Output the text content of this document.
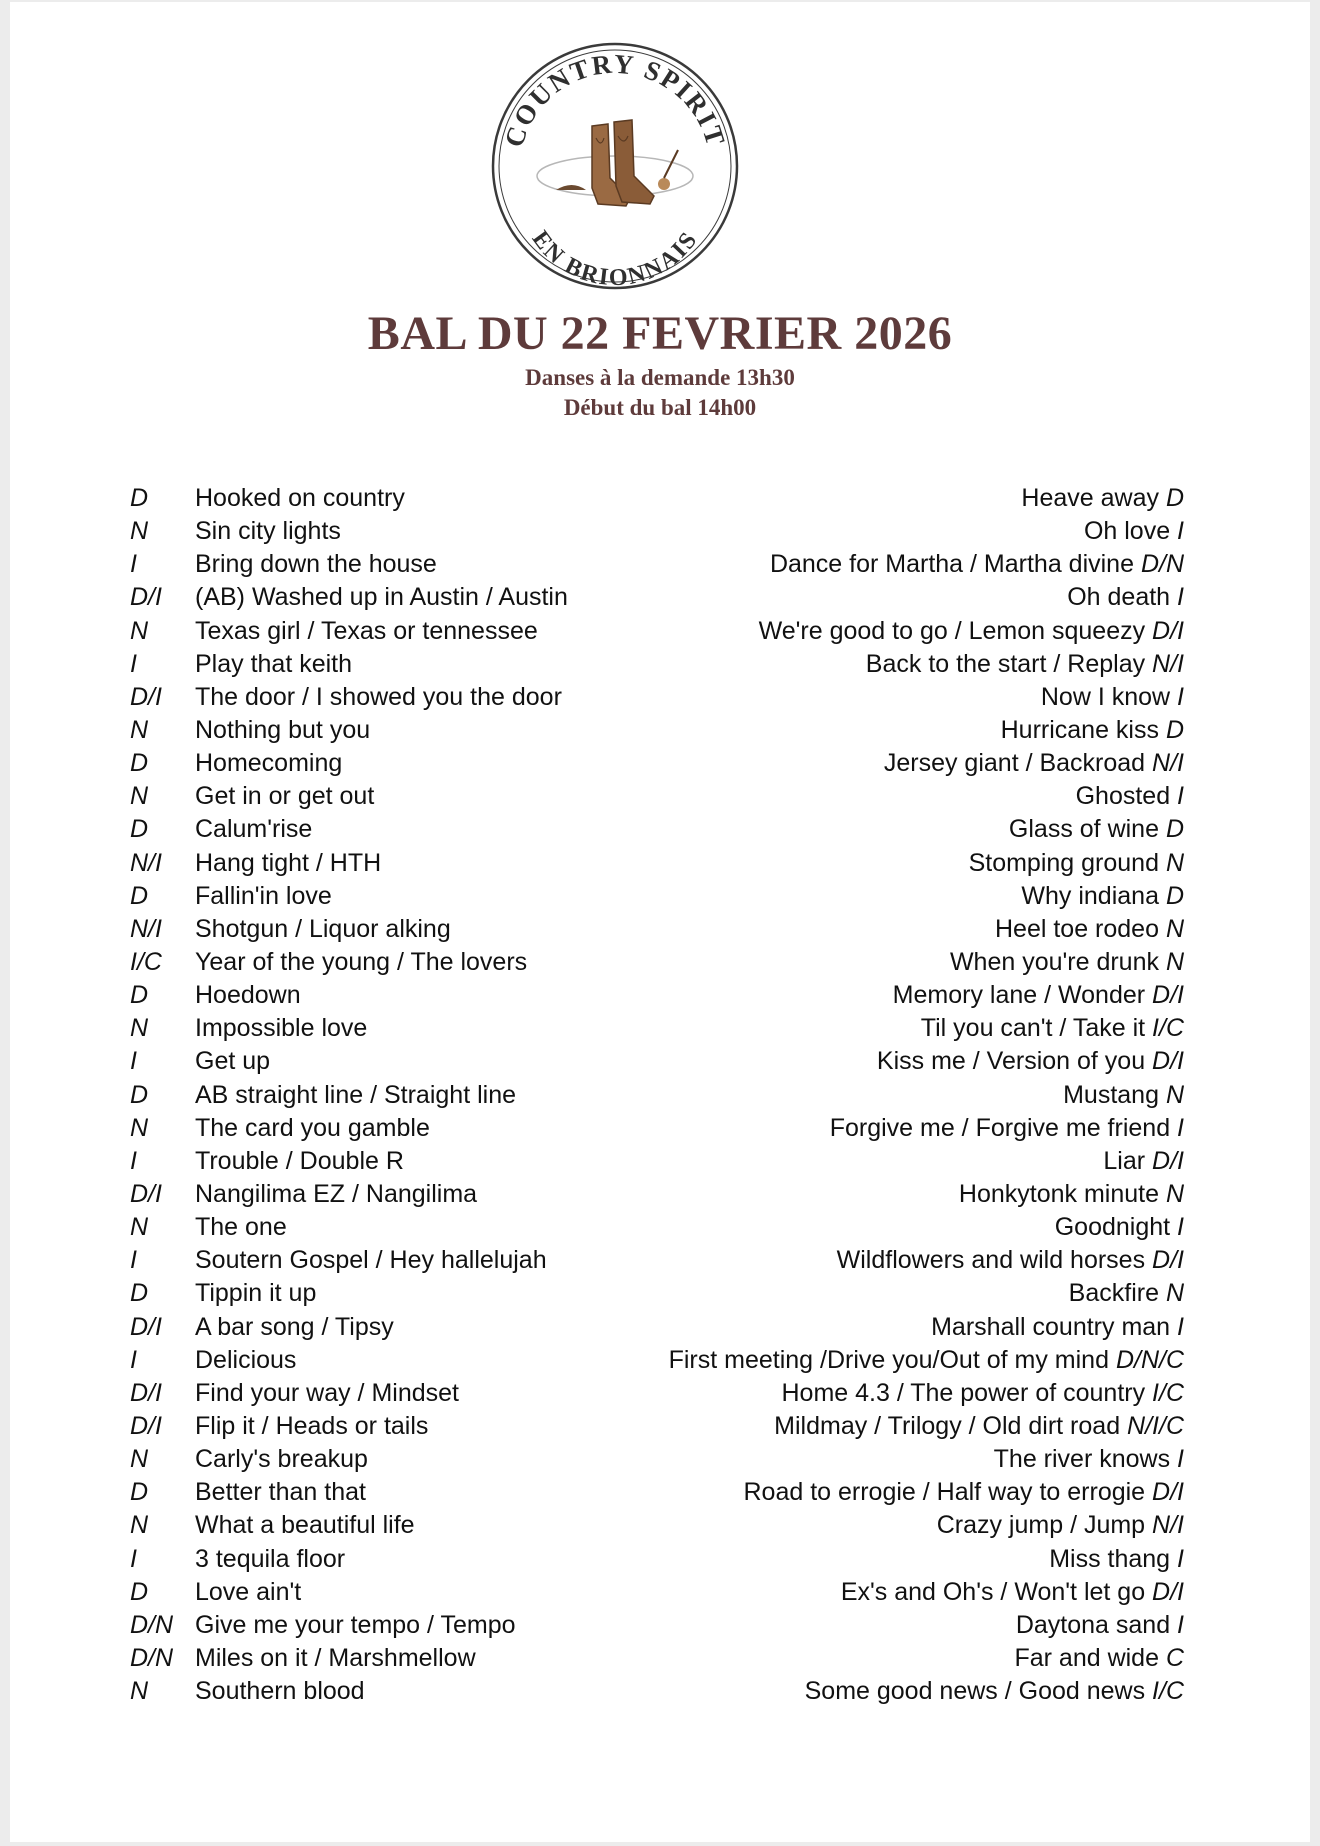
COUNTRY SPIRIT
EN BRIONNAIS
BAL DU 22 FEVRIER 2026
Danses à la demande 13h30
Début du bal 14h00
D Hooked on country	Heave away D
N Sin city lights	Oh love I
I Bring down the house	Dance for Martha / Martha divine D/N
D/I (AB) Washed up in Austin / Austin	Oh death I
N Texas girl / Texas or tennessee	We're good to go / Lemon squeezy D/I
I Play that keith	Back to the start / Replay N/I
D/I The door / I showed you the door	Now I know I
N Nothing but you	Hurricane kiss D
D Homecoming	Jersey giant / Backroad N/I
N Get in or get out	Ghosted I
D Calum'rise	Glass of wine D
N/I Hang tight / HTH	Stomping ground N
D Fallin'in love	Why indiana D
N/I Shotgun / Liquor alking	Heel toe rodeo N
I/C Year of the young / The lovers	When you're drunk N
D Hoedown	Memory lane / Wonder D/I
N Impossible love	Til you can't / Take it I/C
I Get up	Kiss me / Version of you D/I
D AB straight line / Straight line	Mustang N
N The card you gamble	Forgive me / Forgive me friend I
I Trouble / Double R	Liar D/I
D/I Nangilima EZ / Nangilima	Honkytonk minute N
N The one	Goodnight I
I Soutern Gospel / Hey hallelujah	Wildflowers and wild horses D/I
D Tippin it up	Backfire N
D/I A bar song / Tipsy	Marshall country man I
I Delicious	First meeting /Drive you/Out of my mind D/N/C
D/I Find your way / Mindset	Home 4.3 / The power of country I/C
D/I Flip it / Heads or tails	Mildmay / Trilogy / Old dirt road N/I/C
N Carly's breakup	The river knows I
D Better than that	Road to errogie / Half way to errogie D/I
N What a beautiful life	Crazy jump / Jump N/I
I 3 tequila floor	Miss thang I
D Love ain't	Ex's and Oh's / Won't let go D/I
D/N Give me your tempo / Tempo	Daytona sand I
D/N Miles on it / Marshmellow	Far and wide C
N Southern blood	Some good news / Good news I/C
